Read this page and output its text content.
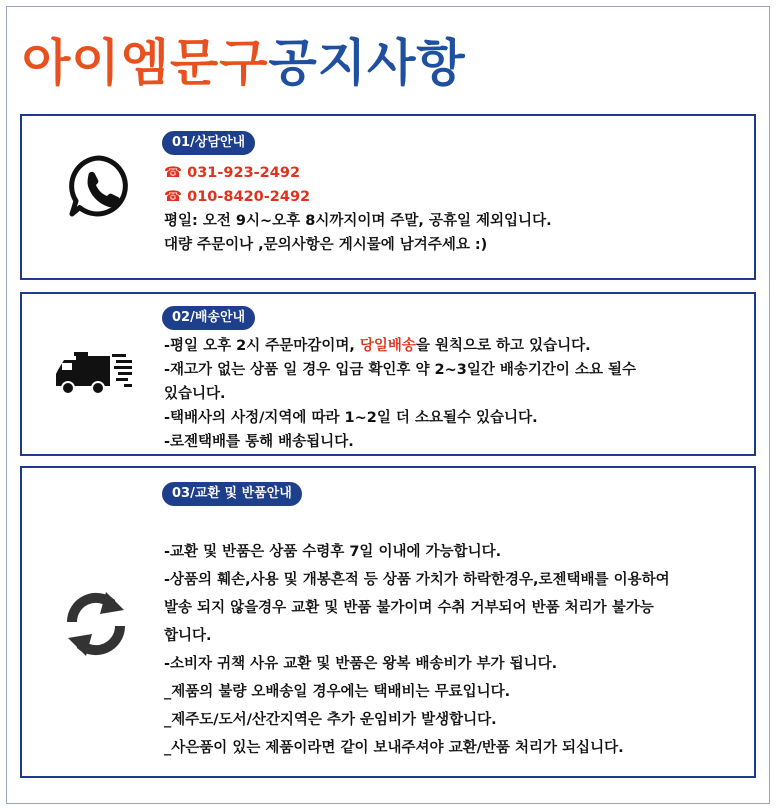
아이엠문구공지사항
01/상담안내
☎ 031-923-2492
☎ 010-8420-2492
평일: 오전 9시~오후 8시까지이며 주말, 공휴일 제외입니다.
대량 주문이나 ,문의사항은 게시물에 남겨주세요 :)
02/배송안내
-평일 오후 2시 주문마감이며, 당일배송을 원칙으로 하고 있습니다.
-재고가 없는 상품 일 경우 입금 확인후 약 2~3일간 배송기간이 소요 될수
있습니다.
-택배사의 사정/지역에 따라 1~2일 더 소요될수 있습니다.
-로젠택배를 통해 배송됩니다.
03/교환 및 반품안내
-교환 및 반품은 상품 수령후 7일 이내에 가능합니다.
-상품의 훼손,사용 및 개봉흔적 등 상품 가치가 하락한경우,로젠택배를 이용하여
발송 되지 않을경우 교환 및 반품 불가이며 수취 거부되어 반품 처리가 불가능
합니다.
-소비자 귀책 사유 교환 및 반품은 왕복 배송비가 부가 됩니다.
_제품의 불량 오배송일 경우에는 택배비는 무료입니다.
_제주도/도서/산간지역은 추가 운임비가 발생합니다.
_사은품이 있는 제품이라면 같이 보내주셔야 교환/반품 처리가 되십니다.
